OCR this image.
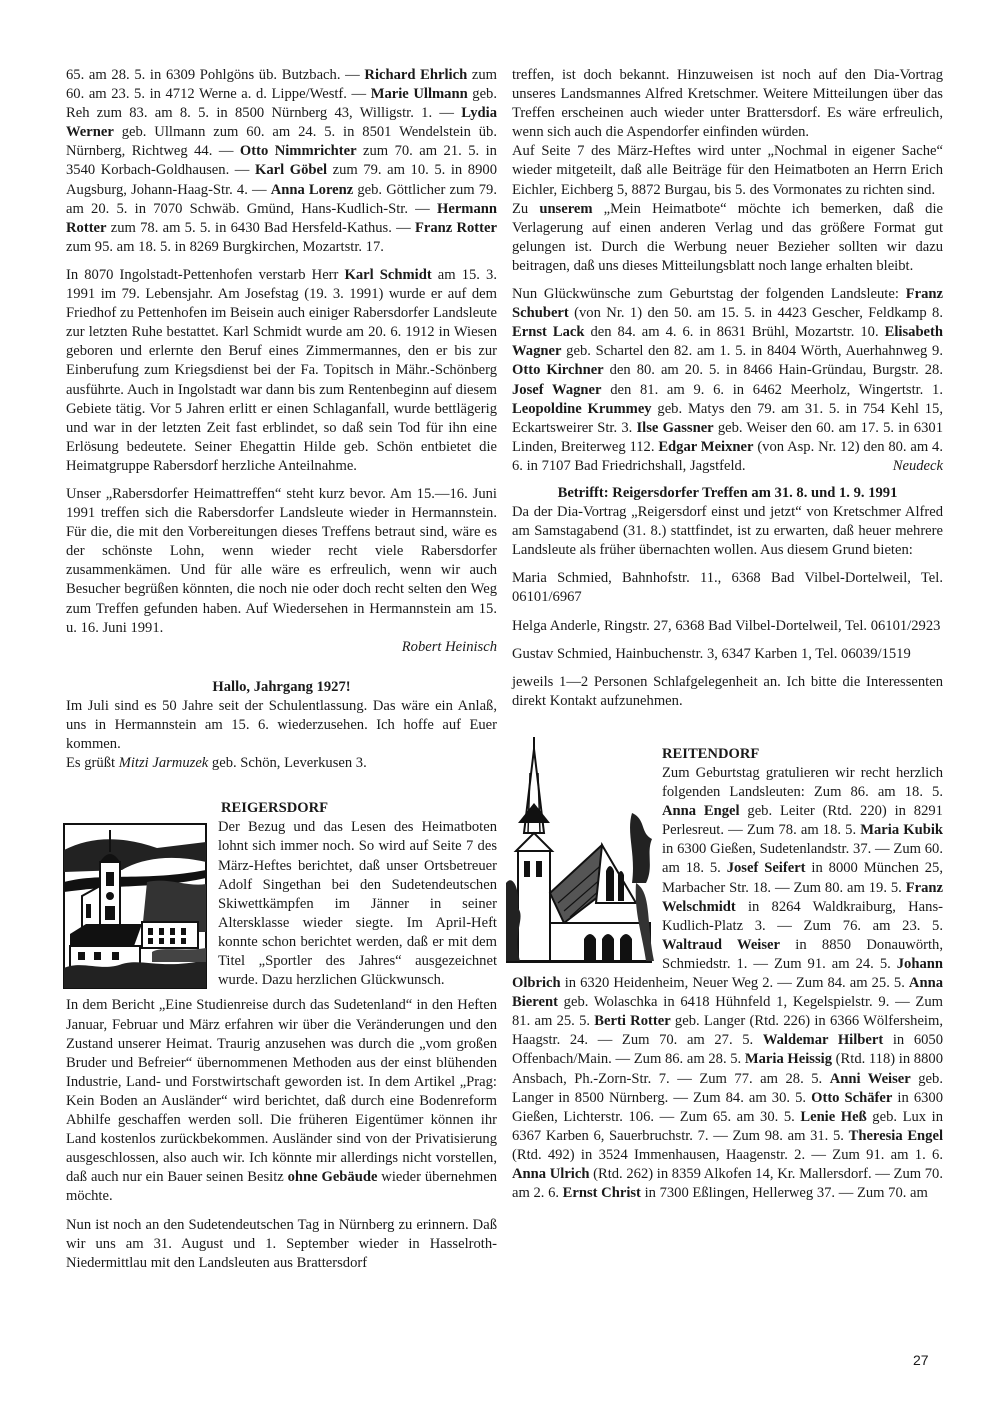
65. am 28. 5. in 6309 Pohlgöns üb. Butzbach. — Richard Ehrlich zum 60. am 23. 5. in 4712 Werne a. d. Lippe/Westf. — Marie Ullmann geb. Reh zum 83. am 8. 5. in 8500 Nürnberg 43, Willigstr. 1. — Lydia Werner geb. Ullmann zum 60. am 24. 5. in 8501 Wendelstein üb. Nürnberg, Richtweg 44. — Otto Nimmrichter zum 70. am 21. 5. in 3540 Korbach-Goldhausen. — Karl Göbel zum 79. am 10. 5. in 8900 Augsburg, Johann-Haag-Str. 4. — Anna Lorenz geb. Göttlicher zum 79. am 20. 5. in 7070 Schwäb. Gmünd, Hans-Kudlich-Str. — Hermann Rotter zum 78. am 5. 5. in 6430 Bad Hersfeld-Kathus. — Franz Rotter zum 95. am 18. 5. in 8269 Burgkirchen, Mozartstr. 17.

In 8070 Ingolstadt-Pettenhofen verstarb Herr Karl Schmidt am 15. 3. 1991 im 79. Lebensjahr. Am Josefstag (19. 3. 1991) wurde er auf dem Friedhof zu Pettenhofen im Beisein auch einiger Rabersdorfer Landsleute zur letzten Ruhe bestattet. Karl Schmidt wurde am 20. 6. 1912 in Wiesen geboren und erlernte den Beruf eines Zimmermannes, den er bis zur Einberufung zum Kriegsdienst bei der Fa. Topitsch in Mähr.-Schönberg ausführte. Auch in Ingolstadt war dann bis zum Rentenbeginn auf diesem Gebiete tätig. Vor 5 Jahren erlitt er einen Schlaganfall, wurde bettlägerig und war in der letzten Zeit fast erblindet, so daß sein Tod für ihn eine Erlösung bedeutete. Seiner Ehegattin Hilde geb. Schön entbietet die Heimatgruppe Rabersdorf herzliche Anteilnahme.

Unser „Rabersdorfer Heimattreffen“ steht kurz bevor. Am 15.—16. Juni 1991 treffen sich die Rabersdorfer Landsleute wieder in Hermannstein. Für die, die mit den Vorbereitungen dieses Treffens betraut sind, wäre es der schönste Lohn, wenn wieder recht viele Rabersdorfer zusammenkämen. Und für alle wäre es erfreulich, wenn wir auch Besucher begrüßen könnten, die noch nie oder doch recht selten den Weg zum Treffen gefunden haben. Auf Wiedersehen in Hermannstein am 15. u. 16. Juni 1991.

Robert Heinisch

Hallo, Jahrgang 1927!

Im Juli sind es 50 Jahre seit der Schulentlassung. Das wäre ein Anlaß, uns in Hermannstein am 15. 6. wiederzusehen. Ich hoffe auf Euer kommen.

Es grüßt Mitzi Jarmuzek geb. Schön, Leverkusen 3.

REIGERSDORF

Der Bezug und das Lesen des Heimatboten lohnt sich immer noch. So wird auf Seite 7 des März-Heftes berichtet, daß unser Ortsbetreuer Adolf Singethan bei den Sudetendeutschen Skiwettkämpfen im Jänner in seiner Altersklasse wieder siegte. Im April-Heft konnte schon berichtet werden, daß er mit dem Titel „Sportler des Jahres“ ausgezeichnet wurde. Dazu herzlichen Glückwunsch.

In dem Bericht „Eine Studienreise durch das Sudetenland“ in den Heften Januar, Februar und März erfahren wir über die Veränderungen und den Zustand unserer Heimat. Traurig anzusehen was durch die „vom großen Bruder und Befreier“ übernommenen Methoden aus der einst blühenden Industrie, Land- und Forstwirtschaft geworden ist. In dem Artikel „Prag: Kein Boden an Ausländer“ wird berichtet, daß durch eine Bodenreform Abhilfe geschaffen werden soll. Die früheren Eigentümer können ihr Land kostenlos zurückbekommen. Ausländer sind von der Privatisierung ausgeschlossen, also auch wir. Ich könnte mir allerdings nicht vorstellen, daß auch nur ein Bauer seinen Besitz ohne Gebäude wieder übernehmen möchte.

Nun ist noch an den Sudetendeutschen Tag in Nürnberg zu erinnern. Daß wir uns am 31. August und 1. September wieder in Hasselroth-Niedermittlau mit den Landsleuten aus Brattersdorf

treffen, ist doch bekannt. Hinzuweisen ist noch auf den Dia-Vortrag unseres Landsmannes Alfred Kretschmer. Weitere Mitteilungen über das Treffen erscheinen auch wieder unter Brattersdorf. Es wäre erfreulich, wenn sich auch die Aspendorfer einfinden würden.

Auf Seite 7 des März-Heftes wird unter „Nochmal in eigener Sache“ wieder mitgeteilt, daß alle Beiträge für den Heimatboten an Herrn Erich Eichler, Eichberg 5, 8872 Burgau, bis 5. des Vormonates zu richten sind.

Zu unserem „Mein Heimatbote“ möchte ich bemerken, daß die Verlagerung auf einen anderen Verlag und das größere Format gut gelungen ist. Durch die Werbung neuer Bezieher sollten wir dazu beitragen, daß uns dieses Mitteilungsblatt noch lange erhalten bleibt.

Nun Glückwünsche zum Geburtstag der folgenden Landsleute: Franz Schubert (von Nr. 1) den 50. am 15. 5. in 4423 Gescher, Feldkamp 8. Ernst Lack den 84. am 4. 6. in 8631 Brühl, Mozartstr. 10. Elisabeth Wagner geb. Schartel den 82. am 1. 5. in 8404 Wörth, Auerhahnweg 9. Otto Kirchner den 80. am 20. 5. in 8466 Hain-Gründau, Burgstr. 28. Josef Wagner den 81. am 9. 6. in 6462 Meerholz, Wingertstr. 1. Leopoldine Krummey geb. Matys den 79. am 31. 5. in 754 Kehl 15, Eckartsweirer Str. 3. Ilse Gassner geb. Weiser den 60. am 17. 5. in 6301 Linden, Breiterweg 112. Edgar Meixner (von Asp. Nr. 12) den 80. am 4. 6. in 7107 Bad Friedrichshall, Jagstfeld.	Neudeck

Betrifft: Reigersdorfer Treffen am 31. 8. und 1. 9. 1991

Da der Dia-Vortrag „Reigersdorf einst und jetzt“ von Kretschmer Alfred am Samstagabend (31. 8.) stattfindet, ist zu erwarten, daß heuer mehrere Landsleute als früher übernachten wollen. Aus diesem Grund bieten:

Maria Schmied, Bahnhofstr. 11., 6368 Bad Vilbel-Dortelweil, Tel. 06101/6967

Helga Anderle, Ringstr. 27, 6368 Bad Vilbel-Dortelweil, Tel. 06101/2923

Gustav Schmied, Hainbuchenstr. 3, 6347 Karben 1, Tel. 06039/1519

jeweils 1—2 Personen Schlafgelegenheit an. Ich bitte die Interessenten direkt Kontakt aufzunehmen.

REITENDORF

Zum Geburtstag gratulieren wir recht herzlich folgenden Landsleuten: Zum 86. am 18. 5. Anna Engel geb. Leiter (Rtd. 220) in 8291 Perlesreut. — Zum 78. am 18. 5. Maria Kubik in 6300 Gießen, Sudetenlandstr. 37. — Zum 60. am 18. 5. Josef Seifert in 8000 München 25, Marbacher Str. 18. — Zum 80. am 19. 5. Franz Welschmidt in 8264 Waldkraiburg, Hans-Kudlich-Platz 3. — Zum 76. am 23. 5. Waltraud Weiser in 8850 Donauwörth, Schmiedstr. 1. — Zum 91. am 24. 5. Johann Olbrich in 6320 Heidenheim, Neuer Weg 2. — Zum 84. am 25. 5. Anna Bierent geb. Wolaschka in 6418 Hühnfeld 1, Kegelspielstr. 9. — Zum 81. am 25. 5. Berti Rotter geb. Langer (Rtd. 226) in 6366 Wölfersheim, Haagstr. 24. — Zum 70. am 27. 5. Waldemar Hilbert in 6050 Offenbach/Main. — Zum 86. am 28. 5. Maria Heissig (Rtd. 118) in 8800 Ansbach, Ph.-Zorn-Str. 7. — Zum 77. am 28. 5. Anni Weiser geb. Langer in 8500 Nürnberg. — Zum 84. am 30. 5. Otto Schäfer in 6300 Gießen, Lichterstr. 106. — Zum 65. am 30. 5. Lenie Heß geb. Lux in 6367 Karben 6, Sauerbruchstr. 7. — Zum 98. am 31. 5. Theresia Engel (Rtd. 492) in 3524 Immenhausen, Haagenstr. 2. — Zum 91. am 1. 6. Anna Ulrich (Rtd. 262) in 8359 Alkofen 14, Kr. Mallersdorf. — Zum 70. am 2. 6. Ernst Christ in 7300 Eßlingen, Hellerweg 37. — Zum 70. am

27
